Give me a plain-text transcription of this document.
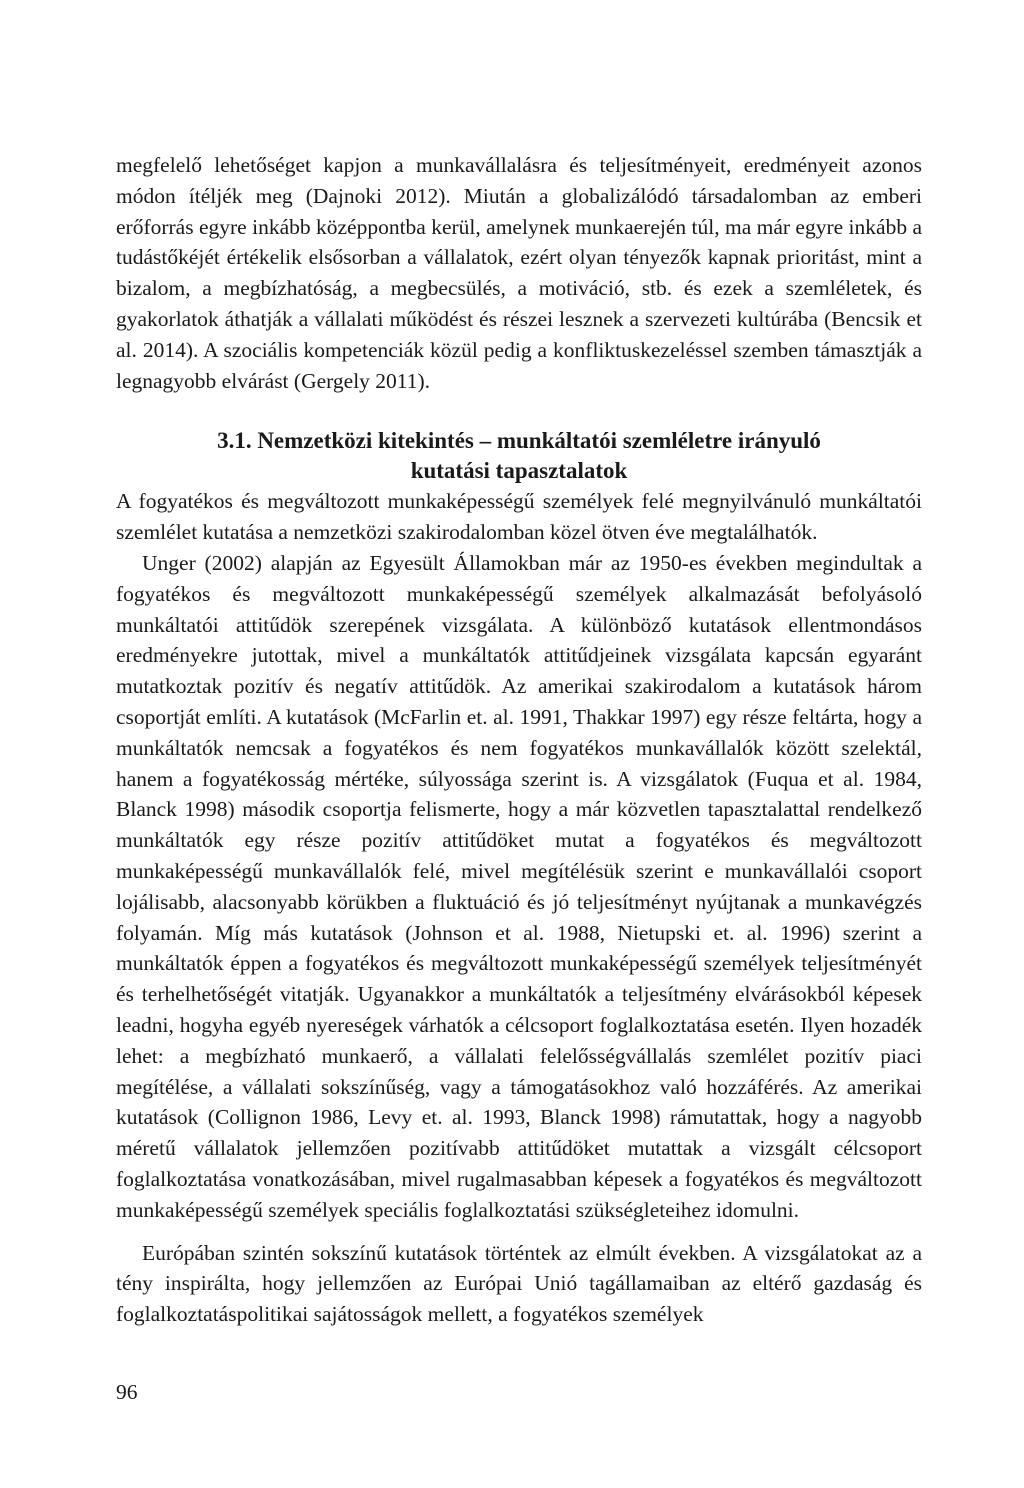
megfelelő lehetőséget kapjon a munkavállalásra és teljesítményeit, eredményeit azonos módon ítéljék meg (Dajnoki 2012). Miután a globalizálódó társadalomban az emberi erőforrás egyre inkább középpontba kerül, amelynek munkaerején túl, ma már egyre inkább a tudástőkéjét értékelik elsősorban a vállalatok, ezért olyan tényezők kapnak prioritást, mint a bizalom, a megbízhatóság, a megbecsülés, a motiváció, stb. és ezek a szemléletek, és gyakorlatok áthatják a vállalati működést és részei lesznek a szervezeti kultúrába (Bencsik et al. 2014). A szociális kompetenciák közül pedig a konfliktuskezeléssel szemben támasztják a legnagyobb elvárást (Gergely 2011).

3.1. Nemzetközi kitekintés – munkáltatói szemléletre irányuló
kutatási tapasztalatok

A fogyatékos és megváltozott munkaképességű személyek felé megnyilvánuló munkáltatói szemlélet kutatása a nemzetközi szakirodalomban közel ötven éve megtalálhatók.

Unger (2002) alapján az Egyesült Államokban már az 1950-es években megindultak a fogyatékos és megváltozott munkaképességű személyek alkalmazását befolyásoló munkáltatói attitűdök szerepének vizsgálata. A különböző kutatások ellentmondásos eredményekre jutottak, mivel a munkáltatók attitűdjeinek vizsgálata kapcsán egyaránt mutatkoztak pozitív és negatív attitűdök. Az amerikai szakirodalom a kutatások három csoportját említi. A kutatások (McFarlin et. al. 1991, Thakkar 1997) egy része feltárta, hogy a munkáltatók nemcsak a fogyatékos és nem fogyatékos munkavállalók között szelektál, hanem a fogyatékosság mértéke, súlyossága szerint is. A vizsgálatok (Fuqua et al. 1984, Blanck 1998) második csoportja felismerte, hogy a már közvetlen tapasztalattal rendelkező munkáltatók egy része pozitív attitűdöket mutat a fogyatékos és megváltozott munkaképességű munkavállalók felé, mivel megítélésük szerint e munkavállalói csoport lojálisabb, alacsonyabb körükben a fluktuáció és jó teljesítményt nyújtanak a munkavégzés folyamán. Míg más kutatások (Johnson et al. 1988, Nietupski et. al. 1996) szerint a munkáltatók éppen a fogyatékos és megváltozott munkaképességű személyek teljesítményét és terhelhetőségét vitatják. Ugyanakkor a munkáltatók a teljesítmény elvárásokból képesek leadni, hogyha egyéb nyereségek várhatók a célcsoport foglalkoztatása esetén. Ilyen hozadék lehet: a megbízható munkaerő, a vállalati felelősségvállalás szemlélet pozitív piaci megítélése, a vállalati sokszínűség, vagy a támogatásokhoz való hozzáférés. Az amerikai kutatások (Collignon 1986, Levy et. al. 1993, Blanck 1998) rámutattak, hogy a nagyobb méretű vállalatok jellemzően pozitívabb attitűdöket mutattak a vizsgált célcsoport foglalkoztatása vonatkozásában, mivel rugalmasabban képesek a fogyatékos és megváltozott munkaképességű személyek speciális foglalkoztatási szükségleteihez idomulni.

Európában szintén sokszínű kutatások történtek az elmúlt években. A vizsgálatokat az a tény inspirálta, hogy jellemzően az Európai Unió tagállamaiban az eltérő gazdaság és foglalkoztatáspolitikai sajátosságok mellett, a fogyatékos személyek

96
